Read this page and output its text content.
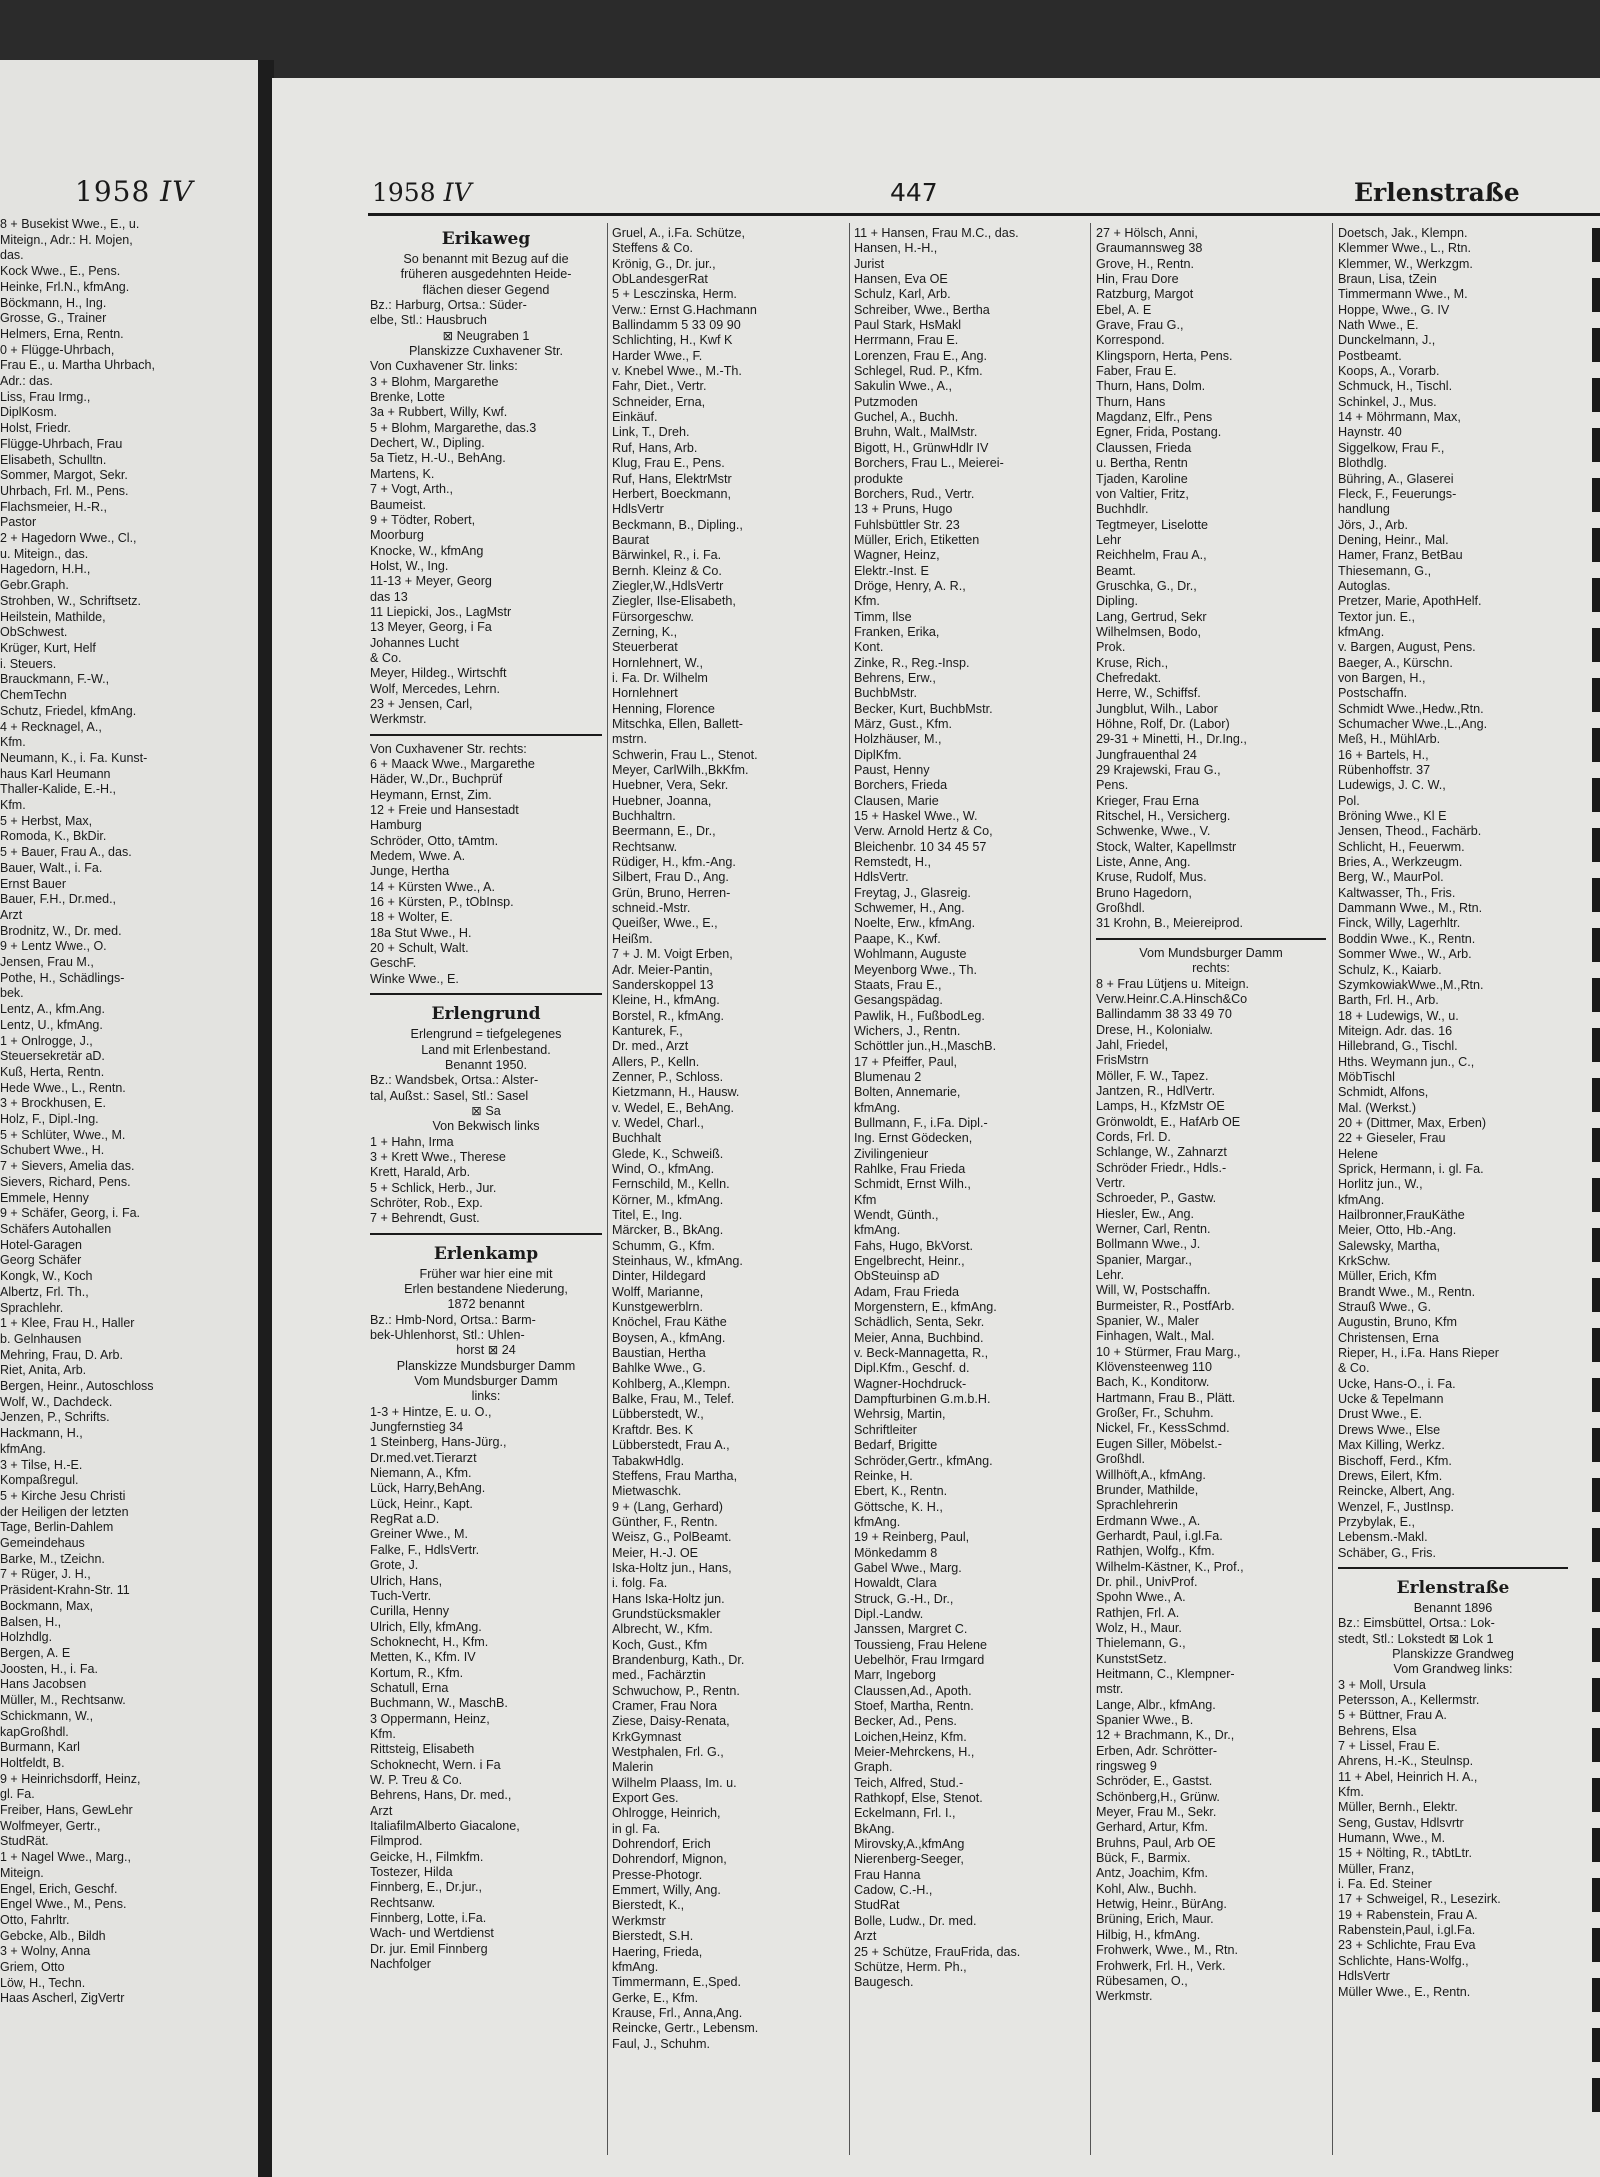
1958 IV
8 + Busekist Wwe., E., u.
Miteign., Adr.: H. Mojen,
das.
Kock Wwe., E., Pens.
Heinke, Frl.N., kfmAng.
Böckmann, H., Ing.
Grosse, G., Trainer
Helmers, Erna, Rentn.
0 + Flügge-Uhrbach,
Frau E., u. Martha Uhrbach,
Adr.: das.
Liss, Frau Irmg.,
DiplKosm.
Holst, Friedr.
Flügge-Uhrbach, Frau
Elisabeth, Schulltn.
Sommer, Margot, Sekr.
Uhrbach, Frl. M., Pens.
Flachsmeier, H.-R.,
Pastor
2 + Hagedorn Wwe., Cl.,
u. Miteign., das.
Hagedorn, H.H.,
Gebr.Graph.
Strohben, W., Schriftsetz.
Heilstein, Mathilde,
ObSchwest.
Krüger, Kurt, Helf
i. Steuers.
Brauckmann, F.-W.,
ChemTechn
Schutz, Friedel, kfmAng.
4 + Recknagel, A.,
Kfm.
Neumann, K., i. Fa. Kunst-
haus Karl Heumann
Thaller-Kalide, E.-H.,
Kfm.
5 + Herbst, Max,
Romoda, K., BkDir.
5 + Bauer, Frau A., das.
Bauer, Walt., i. Fa.
Ernst Bauer
Bauer, F.H., Dr.med.,
Arzt
Brodnitz, W., Dr. med.
9 + Lentz Wwe., O.
Jensen, Frau M.,
Pothe, H., Schädlings-
bek.
Lentz, A., kfm.Ang.
Lentz, U., kfmAng.
1 + Onlrogge, J.,
Steuersekretär aD.
Kuß, Herta, Rentn.
Hede Wwe., L., Rentn.
3 + Brockhusen, E.
Holz, F., Dipl.-Ing.
5 + Schlüter, Wwe., M.
Schubert Wwe., H.
7 + Sievers, Amelia das.
Sievers, Richard, Pens.
Emmele, Henny
9 + Schäfer, Georg, i. Fa.
Schäfers Autohallen
Hotel-Garagen
Georg Schäfer
Kongk, W., Koch
Albertz, Frl. Th.,
Sprachlehr.
1 + Klee, Frau H., Haller
b. Gelnhausen
Mehring, Frau, D. Arb.
Riet, Anita, Arb.
Bergen, Heinr., Autoschloss
Wolf, W., Dachdeck.
Jenzen, P., Schrifts.
Hackmann, H.,
kfmAng.
3 + Tilse, H.-E.
Kompaßregul.
5 + Kirche Jesu Christi
der Heiligen der letzten
Tage, Berlin-Dahlem
Gemeindehaus
Barke, M., tZeichn.
7 + Rüger, J. H.,
Präsident-Krahn-Str. 11
Bockmann, Max,
Balsen, H.,
Holzhdlg.
Bergen, A. E
Joosten, H., i. Fa.
Hans Jacobsen
Müller, M., Rechtsanw.
Schickmann, W.,
kapGroßhdl.
Burmann, Karl
Holtfeldt, B.
9 + Heinrichsdorff, Heinz,
gl. Fa.
Freiber, Hans, GewLehr
Wolfmeyer, Gertr.,
StudRät.
1 + Nagel Wwe., Marg.,
Miteign.
Engel, Erich, Geschf.
Engel Wwe., M., Pens.
Otto, Fahrltr.
Gebcke, Alb., Bildh
3 + Wolny, Anna
Griem, Otto
Löw, H., Techn.
Haas Ascherl, ZigVertr
1958 IV	447	Erlenstraße
Erikaweg
So benannt mit Bezug auf die
früheren ausgedehnten Heide-
flächen dieser Gegend
Bz.: Harburg, Ortsa.: Süder-
elbe, Stl.: Hausbruch
⊠ Neugraben 1
Planskizze Cuxhavener Str.
Von Cuxhavener Str. links:
3 + Blohm, Margarethe
Brenke, Lotte
3a + Rubbert, Willy, Kwf.
5 + Blohm, Margarethe, das.3
Dechert, W., Dipling.
5a Tietz, H.-U., BehAng.
Martens, K.
7 + Vogt, Arth.,
Baumeist.
9 + Tödter, Robert,
Moorburg
Knocke, W., kfmAng
Holst, W., Ing.
11-13 + Meyer, Georg
das 13
11 Liepicki, Jos., LagMstr
13 Meyer, Georg, i Fa
Johannes Lucht
& Co.
Meyer, Hildeg., Wirtschft
Wolf, Mercedes, Lehrn.
23 + Jensen, Carl,
Werkmstr.
Von Cuxhavener Str. rechts:
6 + Maack Wwe., Margarethe
Häder, W.,Dr., Buchprüf
Heymann, Ernst, Zim.
12 + Freie und Hansestadt
Hamburg
Schröder, Otto, tAmtm.
Medem, Wwe. A.
Junge, Hertha
14 + Kürsten Wwe., A.
16 + Kürsten, P., tObInsp.
18 + Wolter, E.
18a Stut Wwe., H.
20 + Schult, Walt.
GeschF.
Winke Wwe., E.
Erlengrund
Erlengrund = tiefgelegenes
Land mit Erlenbestand.
Benannt 1950.
Bz.: Wandsbek, Ortsa.: Alster-
tal, Außst.: Sasel, Stl.: Sasel
⊠ Sa
Von Bekwisch links
1 + Hahn, Irma
3 + Krett Wwe., Therese
Krett, Harald, Arb.
5 + Schlick, Herb., Jur.
Schröter, Rob., Exp.
7 + Behrendt, Gust.
Erlenkamp
Früher war hier eine mit
Erlen bestandene Niederung,
1872 benannt
Bz.: Hmb-Nord, Ortsa.: Barm-
bek-Uhlenhorst, Stl.: Uhlen-
horst ⊠ 24
Planskizze Mundsburger Damm
Vom Mundsburger Damm
links:
1-3 + Hintze, E. u. O.,
Jungfernstieg 34
1 Steinberg, Hans-Jürg.,
Dr.med.vet.Tierarzt
Niemann, A., Kfm.
Lück, Harry,BehAng.
Lück, Heinr., Kapt.
RegRat a.D.
Greiner Wwe., M.
Falke, F., HdlsVertr.
Grote, J.
Ulrich, Hans,
Tuch-Vertr.
Curilla, Henny
Ulrich, Elly, kfmAng.
Schoknecht, H., Kfm.
Metten, K., Kfm. IV
Kortum, R., Kfm.
Schatull, Erna
Buchmann, W., MaschB.
3 Oppermann, Heinz,
Kfm.
Rittsteig, Elisabeth
Schoknecht, Wern. i Fa
W. P. Treu & Co.
Behrens, Hans, Dr. med.,
Arzt
ItaliafilmAlberto Giacalone,
Filmprod.
Geicke, H., Filmkfm.
Tostezer, Hilda
Finnberg, E., Dr.jur.,
Rechtsanw.
Finnberg, Lotte, i.Fa.
Wach- und Wertdienst
Dr. jur. Emil Finnberg
Nachfolger
Gruel, A., i.Fa. Schütze,
Steffens & Co.
Krönig, G., Dr. jur.,
ObLandesgerRat
5 + Lesczinska, Herm.
Verw.: Ernst G.Hachmann
Ballindamm 5 33 09 90
Schlichting, H., Kwf K
Harder Wwe., F.
v. Knebel Wwe., M.-Th.
Fahr, Diet., Vertr.
Schneider, Erna,
Einkäuf.
Link, T., Dreh.
Ruf, Hans, Arb.
Klug, Frau E., Pens.
Ruf, Hans, ElektrMstr
Herbert, Boeckmann,
HdlsVertr
Beckmann, B., Dipling.,
Baurat
Bärwinkel, R., i. Fa.
Bernh. Kleinz & Co.
Ziegler,W.,HdlsVertr
Ziegler, Ilse-Elisabeth,
Fürsorgeschw.
Zerning, K.,
Steuerberat
Hornlehnert, W.,
i. Fa. Dr. Wilhelm
Hornlehnert
Henning, Florence
Mitschka, Ellen, Ballett-
mstrn.
Schwerin, Frau L., Stenot.
Meyer, CarlWilh.,BkKfm.
Huebner, Vera, Sekr.
Huebner, Joanna,
Buchhaltrn.
Beermann, E., Dr.,
Rechtsanw.
Rüdiger, H., kfm.-Ang.
Silbert, Frau D., Ang.
Grün, Bruno, Herren-
schneid.-Mstr.
Queißer, Wwe., E.,
Heißm.
7 + J. M. Voigt Erben,
Adr. Meier-Pantin,
Sanderskoppel 13
Kleine, H., kfmAng.
Borstel, R., kfmAng.
Kanturek, F.,
Dr. med., Arzt
Allers, P., Kelln.
Zenner, P., Schloss.
Kietzmann, H., Hausw.
v. Wedel, E., BehAng.
v. Wedel, Charl.,
Buchhalt
Glede, K., Schweiß.
Wind, O., kfmAng.
Fernschild, M., Kelln.
Körner, M., kfmAng.
Titel, E., Ing.
Märcker, B., BkAng.
Schumm, G., Kfm.
Steinhaus, W., kfmAng.
Dinter, Hildegard
Wolff, Marianne,
Kunstgewerblrn.
Knöchel, Frau Käthe
Boysen, A., kfmAng.
Baustian, Hertha
Bahlke Wwe., G.
Kohlberg, A.,Klempn.
Balke, Frau, M., Telef.
Lübberstedt, W.,
Kraftdr. Bes. K
Lübberstedt, Frau A.,
TabakwHdlg.
Steffens, Frau Martha,
Mietwaschk.
9 + (Lang, Gerhard)
Günther, F., Rentn.
Weisz, G., PolBeamt.
Meier, H.-J. OE
Iska-Holtz jun., Hans,
i. folg. Fa.
Hans Iska-Holtz jun.
Grundstücksmakler
Albrecht, W., Kfm.
Koch, Gust., Kfm
Brandenburg, Kath., Dr.
med., Fachärztin
Schwuchow, P., Rentn.
Cramer, Frau Nora
Ziese, Daisy-Renata,
KrkGymnast
Westphalen, Frl. G.,
Malerin
Wilhelm Plaass, Im. u.
Export Ges.
Ohlrogge, Heinrich,
in gl. Fa.
Dohrendorf, Erich
Dohrendorf, Mignon,
Presse-Photogr.
Emmert, Willy, Ang.
Bierstedt, K.,
Werkmstr
Bierstedt, S.H.
Haering, Frieda,
kfmAng.
Timmermann, E.,Sped.
Gerke, E., Kfm.
Krause, Frl., Anna,Ang.
Reincke, Gertr., Lebensm.
Faul, J., Schuhm.
11 + Hansen, Frau M.C., das.
Hansen, H.-H.,
Jurist
Hansen, Eva OE
Schulz, Karl, Arb.
Schreiber, Wwe., Bertha
Paul Stark, HsMakl
Herrmann, Frau E.
Lorenzen, Frau E., Ang.
Schlegel, Rud. P., Kfm.
Sakulin Wwe., A.,
Putzmoden
Guchel, A., Buchh.
Bruhn, Walt., MalMstr.
Bigott, H., GrünwHdlr IV
Borchers, Frau L., Meierei-
produkte
Borchers, Rud., Vertr.
13 + Pruns, Hugo
Fuhlsbüttler Str. 23
Müller, Erich, Etiketten
Wagner, Heinz,
Elektr.-Inst. E
Dröge, Henry, A. R.,
Kfm.
Timm, Ilse
Franken, Erika,
Kont.
Zinke, R., Reg.-Insp.
Behrens, Erw.,
BuchbMstr.
Becker, Kurt, BuchbMstr.
März, Gust., Kfm.
Holzhäuser, M.,
DiplKfm.
Paust, Henny
Borchers, Frieda
Clausen, Marie
15 + Haskel Wwe., W.
Verw. Arnold Hertz & Co,
Bleichenbr. 10 34 45 57
Remstedt, H.,
HdlsVertr.
Freytag, J., Glasreig.
Schwemer, H., Ang.
Noelte, Erw., kfmAng.
Paape, K., Kwf.
Wohlmann, Auguste
Meyenborg Wwe., Th.
Staats, Frau E.,
Gesangspädag.
Pawlik, H., FußbodLeg.
Wichers, J., Rentn.
Schöttler jun.,H.,MaschB.
17 + Pfeiffer, Paul,
Blumenau 2
Bolten, Annemarie,
kfmAng.
Bullmann, F., i.Fa. Dipl.-
Ing. Ernst Gödecken,
Zivilingenieur
Rahlke, Frau Frieda
Schmidt, Ernst Wilh.,
Kfm
Wendt, Günth.,
kfmAng.
Fahs, Hugo, BkVorst.
Engelbrecht, Heinr.,
ObSteuinsp aD
Adam, Frau Frieda
Morgenstern, E., kfmAng.
Schädlich, Senta, Sekr.
Meier, Anna, Buchbind.
v. Beck-Mannagetta, R.,
Dipl.Kfm., Geschf. d.
Wagner-Hochdruck-
Dampfturbinen G.m.b.H.
Wehrsig, Martin,
Schriftleiter
Bedarf, Brigitte
Schröder,Gertr., kfmAng.
Reinke, H.
Ebert, K., Rentn.
Göttsche, K. H.,
kfmAng.
19 + Reinberg, Paul,
Mönkedamm 8
Gabel Wwe., Marg.
Howaldt, Clara
Struck, G.-H., Dr.,
Dipl.-Landw.
Janssen, Margret C.
Toussieng, Frau Helene
Uebelhör, Frau Irmgard
Marr, Ingeborg
Claussen,Ad., Apoth.
Stoef, Martha, Rentn.
Becker, Ad., Pens.
Loichen,Heinz, Kfm.
Meier-Mehrckens, H.,
Graph.
Teich, Alfred, Stud.-
Rathkopf, Else, Stenot.
Eckelmann, Frl. I.,
BkAng.
Mirovsky,A.,kfmAng
Nierenberg-Seeger,
Frau Hanna
Cadow, C.-H.,
StudRat
Bolle, Ludw., Dr. med.
Arzt
25 + Schütze, FrauFrida, das.
Schütze, Herm. Ph.,
Baugesch.
27 + Hölsch, Anni,
Graumannsweg 38
Grove, H., Rentn.
Hin, Frau Dore
Ratzburg, Margot
Ebel, A. E
Grave, Frau G.,
Korrespond.
Klingsporn, Herta, Pens.
Faber, Frau E.
Thurn, Hans, Dolm.
Thurn, Hans
Magdanz, Elfr., Pens
Egner, Frida, Postang.
Claussen, Frieda
u. Bertha, Rentn
Tjaden, Karoline
von Valtier, Fritz,
Buchhdlr.
Tegtmeyer, Liselotte
Lehr
Reichhelm, Frau A.,
Beamt.
Gruschka, G., Dr.,
Dipling.
Lang, Gertrud, Sekr
Wilhelmsen, Bodo,
Prok.
Kruse, Rich.,
Chefredakt.
Herre, W., Schiffsf.
Jungblut, Wilh., Labor
Höhne, Rolf, Dr. (Labor)
29-31 + Minetti, H., Dr.Ing.,
Jungfrauenthal 24
29 Krajewski, Frau G.,
Pens.
Krieger, Frau Erna
Ritschel, H., Versicherg.
Schwenke, Wwe., V.
Stock, Walter, Kapellmstr
Liste, Anne, Ang.
Kruse, Rudolf, Mus.
Bruno Hagedorn,
Großhdl.
31 Krohn, B., Meiereiprod.
Vom Mundsburger Damm
rechts:
8 + Frau Lütjens u. Miteign.
Verw.Heinr.C.A.Hinsch&Co
Ballindamm 38 33 49 70
Drese, H., Kolonialw.
Jahl, Friedel,
FrisMstrn
Möller, F. W., Tapez.
Jantzen, R., HdlVertr.
Lamps, H., KfzMstr OE
Grönwoldt, E., HafArb OE
Cords, Frl. D.
Schlange, W., Zahnarzt
Schröder Friedr., Hdls.-
Vertr.
Schroeder, P., Gastw.
Hiesler, Ew., Ang.
Werner, Carl, Rentn.
Bollmann Wwe., J.
Spanier, Margar.,
Lehr.
Will, W, Postschaffn.
Burmeister, R., PostfArb.
Spanier, W., Maler
Finhagen, Walt., Mal.
10 + Stürmer, Frau Marg.,
Klövensteenweg 110
Bach, K., Konditorw.
Hartmann, Frau B., Plätt.
Großer, Fr., Schuhm.
Nickel, Fr., KessSchmd.
Eugen Siller, Möbelst.-
Großhdl.
Willhöft,A., kfmAng.
Brunder, Mathilde,
Sprachlehrerin
Erdmann Wwe., A.
Gerhardt, Paul, i.gl.Fa.
Rathjen, Wolfg., Kfm.
Wilhelm-Kästner, K., Prof.,
Dr. phil., UnivProf.
Spohn Wwe., A.
Rathjen, Frl. A.
Wolz, H., Maur.
Thielemann, G.,
KunststSetz.
Heitmann, C., Klempner-
mstr.
Lange, Albr., kfmAng.
Spanier Wwe., B.
12 + Brachmann, K., Dr.,
Erben, Adr. Schrötter-
ringsweg 9
Schröder, E., Gastst.
Schönberg,H., Grünw.
Meyer, Frau M., Sekr.
Gerhard, Artur, Kfm.
Bruhns, Paul, Arb OE
Bück, F., Barmix.
Antz, Joachim, Kfm.
Kohl, Alw., Buchh.
Hetwig, Heinr., BürAng.
Brüning, Erich, Maur.
Hilbig, H., kfmAng.
Frohwerk, Wwe., M., Rtn.
Frohwerk, Frl. H., Verk.
Rübesamen, O.,
Werkmstr.
Doetsch, Jak., Klempn.
Klemmer Wwe., L., Rtn.
Klemmer, W., Werkzgm.
Braun, Lisa, tZein
Timmermann Wwe., M.
Hoppe, Wwe., G. IV
Nath Wwe., E.
Dunckelmann, J.,
Postbeamt.
Koops, A., Vorarb.
Schmuck, H., Tischl.
Schinkel, J., Mus.
14 + Möhrmann, Max,
Haynstr. 40
Siggelkow, Frau F.,
Blothdlg.
Bühring, A., Glaserei
Fleck, F., Feuerungs-
handlung
Jörs, J., Arb.
Dening, Heinr., Mal.
Hamer, Franz, BetBau
Thiesemann, G.,
Autoglas.
Pretzer, Marie, ApothHelf.
Textor jun. E.,
kfmAng.
v. Bargen, August, Pens.
Baeger, A., Kürschn.
von Bargen, H.,
Postschaffn.
Schmidt Wwe.,Hedw.,Rtn.
Schumacher Wwe.,L.,Ang.
Meß, H., MühlArb.
16 + Bartels, H.,
Rübenhoffstr. 37
Ludewigs, J. C. W.,
Pol.
Bröning Wwe., Kl E
Jensen, Theod., Fachärb.
Schlicht, H., Feuerwm.
Bries, A., Werkzeugm.
Berg, W., MaurPol.
Kaltwasser, Th., Fris.
Dammann Wwe., M., Rtn.
Finck, Willy, Lagerhltr.
Boddin Wwe., K., Rentn.
Sommer Wwe., W., Arb.
Schulz, K., Kaiarb.
SzymkowiakWwe.,M.,Rtn.
Barth, Frl. H., Arb.
18 + Ludewigs, W., u.
Miteign. Adr. das. 16
Hillebrand, G., Tischl.
Hths. Weymann jun., C.,
MöbTischl
Schmidt, Alfons,
Mal. (Werkst.)
20 + (Dittmer, Max, Erben)
22 + Gieseler, Frau
Helene
Sprick, Hermann, i. gl. Fa.
Horlitz jun., W.,
kfmAng.
Hailbronner,FrauKäthe
Meier, Otto, Hb.-Ang.
Salewsky, Martha,
KrkSchw.
Müller, Erich, Kfm
Brandt Wwe., M., Rentn.
Strauß Wwe., G.
Augustin, Bruno, Kfm
Christensen, Erna
Rieper, H., i.Fa. Hans Rieper
& Co.
Ucke, Hans-O., i. Fa.
Ucke & Tepelmann
Drust Wwe., E.
Drews Wwe., Else
Max Killing, Werkz.
Bischoff, Ferd., Kfm.
Drews, Eilert, Kfm.
Reincke, Albert, Ang.
Wenzel, F., JustInsp.
Przybylak, E.,
Lebensm.-Makl.
Schäber, G., Fris.
Erlenstraße
Benannt 1896
Bz.: Eimsbüttel, Ortsa.: Lok-
stedt, Stl.: Lokstedt ⊠ Lok 1
Planskizze Grandweg
Vom Grandweg links:
3 + Moll, Ursula
Petersson, A., Kellermstr.
5 + Büttner, Frau A.
Behrens, Elsa
7 + Lissel, Frau E.
Ahrens, H.-K., Steulnsp.
11 + Abel, Heinrich H. A.,
Kfm.
Müller, Bernh., Elektr.
Seng, Gustav, Hdlsvrtr
Humann, Wwe., M.
15 + Nölting, R., tAbtLtr.
Müller, Franz,
i. Fa. Ed. Steiner
17 + Schweigel, R., Lesezirk.
19 + Rabenstein, Frau A.
Rabenstein,Paul, i.gl.Fa.
23 + Schlichte, Frau Eva
Schlichte, Hans-Wolfg.,
HdlsVertr
Müller Wwe., E., Rentn.
